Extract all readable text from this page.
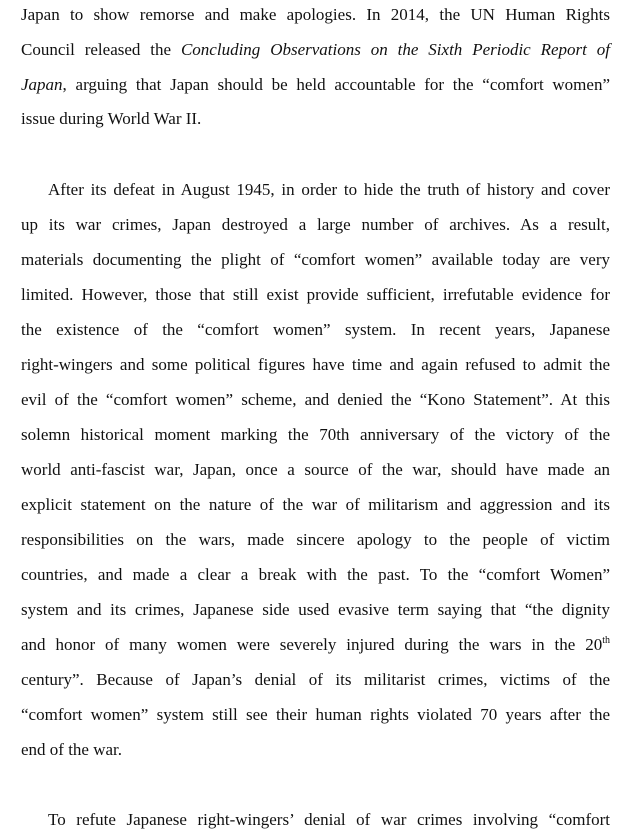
Japan to show remorse and make apologies. In 2014, the UN Human Rights
Council released the Concluding Observations on the Sixth Periodic Report of
Japan, arguing that Japan should be held accountable for the “comfort women”
issue during World War II.
After its defeat in August 1945, in order to hide the truth of history and cover
up its war crimes, Japan destroyed a large number of archives. As a result,
materials documenting the plight of “comfort women” available today are very
limited. However, those that still exist provide sufficient, irrefutable evidence for
the existence of the “comfort women” system. In recent years, Japanese
right-wingers and some political figures have time and again refused to admit the
evil of the “comfort women” scheme, and denied the “Kono Statement”. At this
solemn historical moment marking the 70th anniversary of the victory of the
world anti-fascist war, Japan, once a source of the war, should have made an
explicit statement on the nature of the war of militarism and aggression and its
responsibilities on the wars, made sincere apology to the people of victim
countries, and made a clear a break with the past. To the “comfort Women”
system and its crimes, Japanese side used evasive term saying that “the dignity
and honor of many women were severely injured during the wars in the 20th
century”. Because of Japan’s denial of its militarist crimes, victims of the
“comfort women” system still see their human rights violated 70 years after the
end of the war.
To refute Japanese right-wingers’ denial of war crimes involving “comfort
